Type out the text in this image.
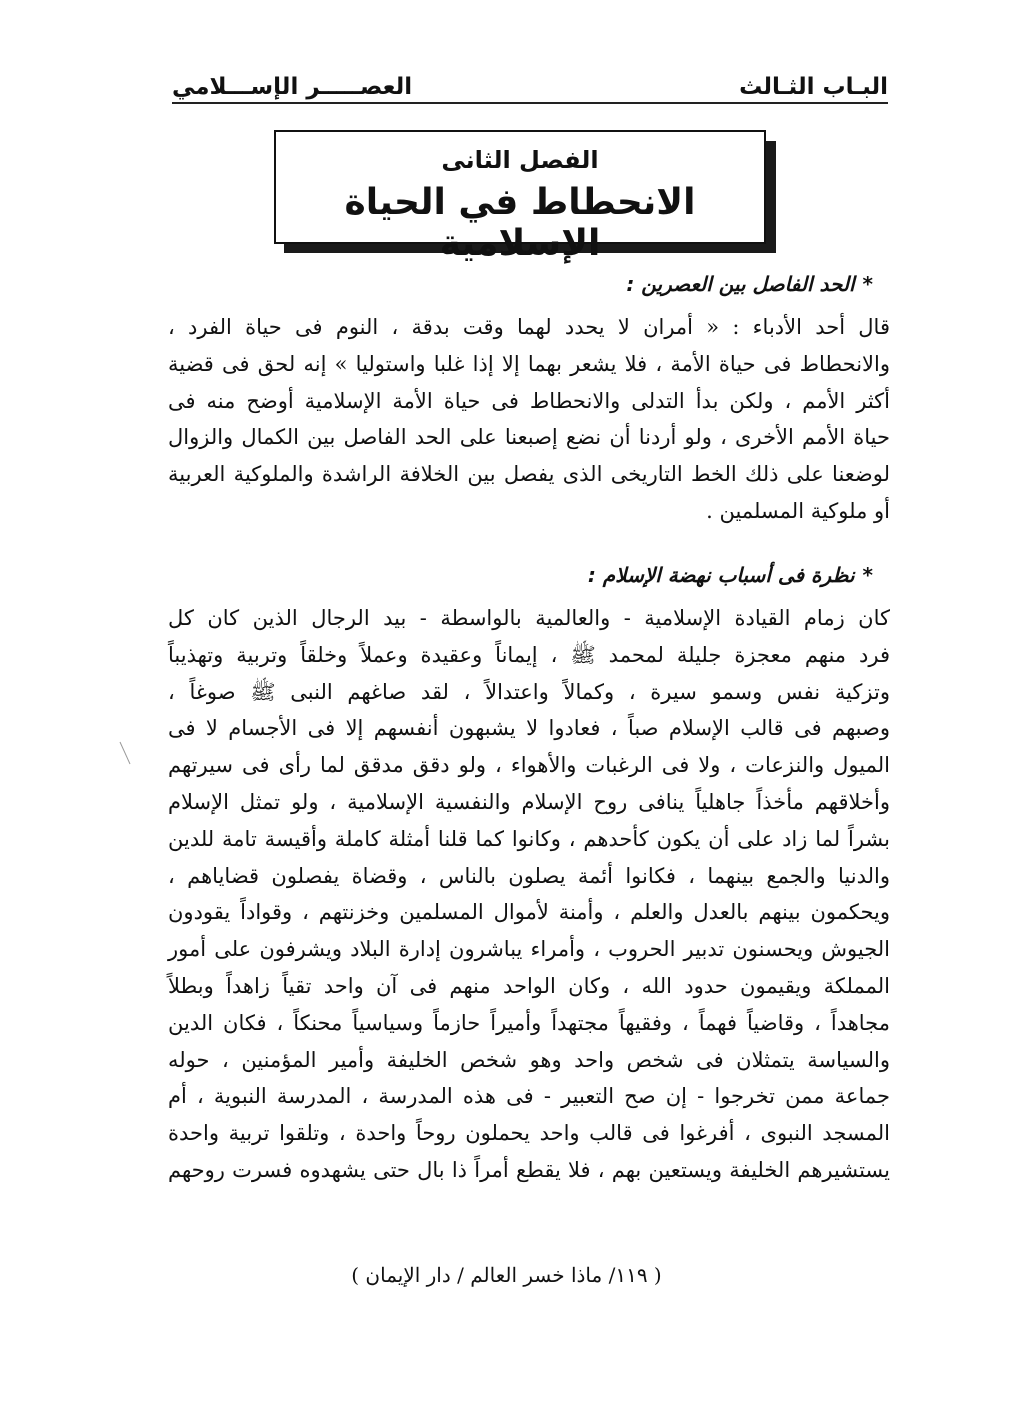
البـاب الثـالث
العصـــــر الإســـلامي
الفصل الثانى
الانحطاط في الحياة الإسلامية
*الحد الفاصل بين العصرين :
قال أحد الأدباء : « أمران لا يحدد لهما وقت بدقة ، النوم فى حياة الفرد ،
والانحطاط فى حياة الأمة ، فلا يشعر بهما إلا إذا غلبا واستوليا » إنه لحق فى قضية
أكثر الأمم ، ولكن بدأ التدلى والانحطاط فى حياة الأمة الإسلامية أوضح منه فى
حياة الأمم الأخرى ، ولو أردنا أن نضع إصبعنا على الحد الفاصل بين الكمال والزوال
لوضعنا على ذلك الخط التاريخى الذى يفصل بين الخلافة الراشدة والملوكية العربية
أو ملوكية المسلمين .
*نظرة فى أسباب نهضة الإسلام :
كان زمام القيادة الإسلامية - والعالمية بالواسطة - بيد الرجال الذين كان كل
فرد منهم معجزة جليلة لمحمد ﷺ ، إيماناً وعقيدة وعملاً وخلقاً وتربية وتهذيباً
وتزكية نفس وسمو سيرة ، وكمالاً واعتدالاً ، لقد صاغهم النبى ﷺ صوغاً ،
وصبهم فى قالب الإسلام صباً ، فعادوا لا يشبهون أنفسهم إلا فى الأجسام لا فى
الميول والنزعات ، ولا فى الرغبات والأهواء ، ولو دقق مدقق لما رأى فى سيرتهم
وأخلاقهم مأخذاً جاهلياً ينافى روح الإسلام والنفسية الإسلامية ، ولو تمثل الإسلام
بشراً لما زاد على أن يكون كأحدهم ، وكانوا كما قلنا أمثلة كاملة وأقيسة تامة للدين
والدنيا والجمع بينهما ، فكانوا أئمة يصلون بالناس ، وقضاة يفصلون قضاياهم ،
ويحكمون بينهم بالعدل والعلم ، وأمنة لأموال المسلمين وخزنتهم ، وقواداً يقودون
الجيوش ويحسنون تدبير الحروب ، وأمراء يباشرون إدارة البلاد ويشرفون على أمور
المملكة ويقيمون حدود الله ، وكان الواحد منهم فى آن واحد تقياً زاهداً وبطلاً
مجاهداً ، وقاضياً فهماً ، وفقيهاً مجتهداً وأميراً حازماً وسياسياً محنكاً ، فكان الدين
والسياسة يتمثلان فى شخص واحد وهو شخص الخليفة وأمير المؤمنين ، حوله
جماعة ممن تخرجوا - إن صح التعبير - فى هذه المدرسة ، المدرسة النبوية ، أم
المسجد النبوى ، أفرغوا فى قالب واحد يحملون روحاً واحدة ، وتلقوا تربية واحدة
يستشيرهم الخليفة ويستعين بهم ، فلا يقطع أمراً ذا بال حتى يشهدوه فسرت روحهم
( ١١٩/ ماذا خسر العالم / دار الإيمان )
